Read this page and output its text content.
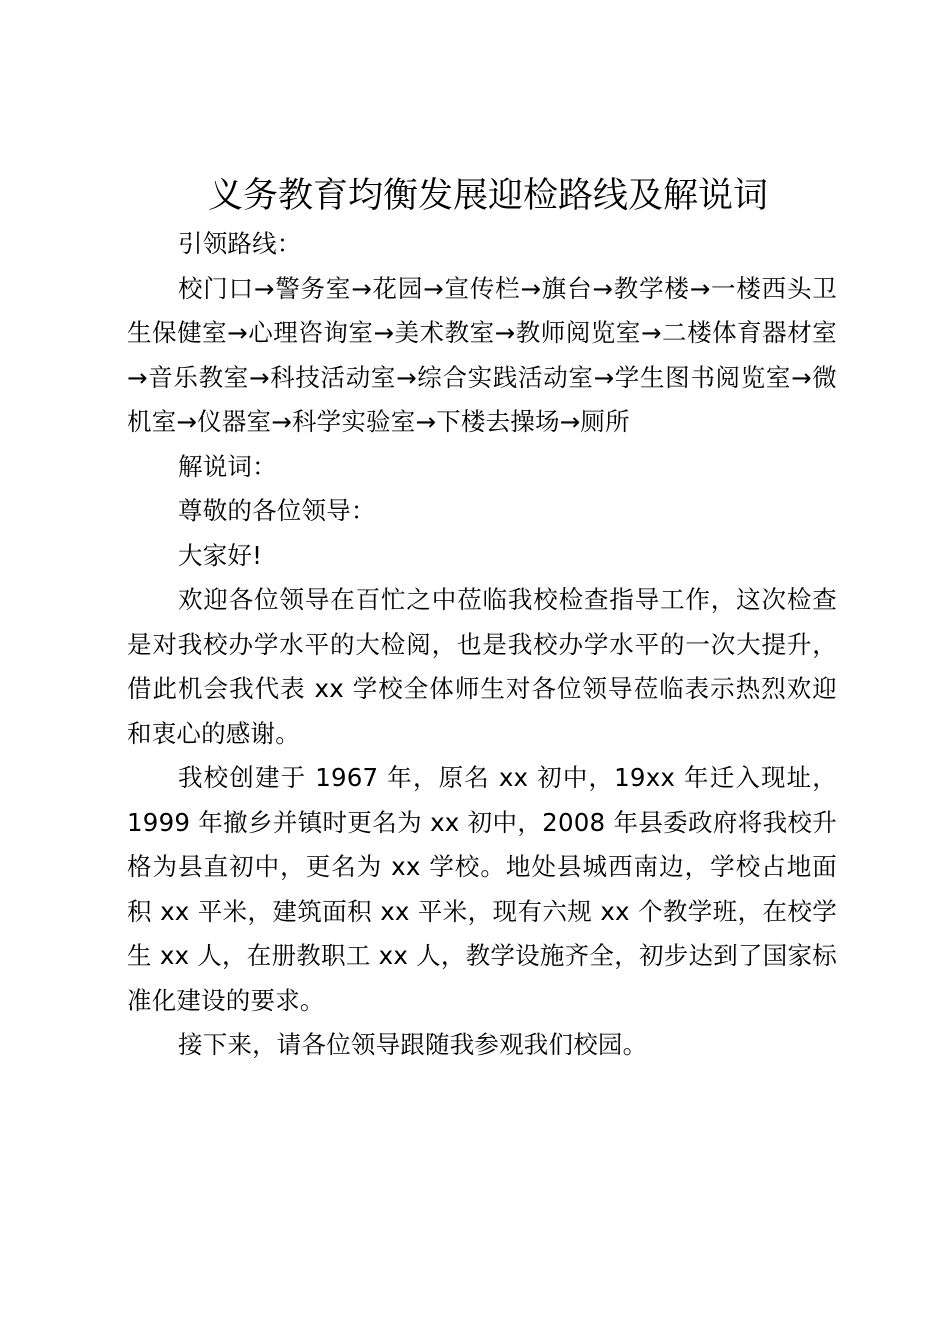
义务教育均衡发展迎检路线及解说词

引领路线：

校门口→警务室→花园→宣传栏→旗台→教学楼→一楼西头卫生保健室→心理咨询室→美术教室→教师阅览室→二楼体育器材室→音乐教室→科技活动室→综合实践活动室→学生图书阅览室→微机室→仪器室→科学实验室→下楼去操场→厕所

解说词：

尊敬的各位领导：

大家好!

欢迎各位领导在百忙之中莅临我校检查指导工作，这次检查是对我校办学水平的大检阅，也是我校办学水平的一次大提升，借此机会我代表 xx 学校全体师生对各位领导莅临表示热烈欢迎和衷心的感谢。

我校创建于 1967 年，原名 xx 初中，19xx 年迁入现址，1999 年撤乡并镇时更名为 xx 初中，2008 年县委政府将我校升格为县直初中，更名为 xx 学校。地处县城西南边，学校占地面积 xx 平米，建筑面积 xx 平米，现有六规 xx 个教学班，在校学生 xx 人，在册教职工 xx 人，教学设施齐全，初步达到了国家标准化建设的要求。

接下来，请各位领导跟随我参观我们校园。
